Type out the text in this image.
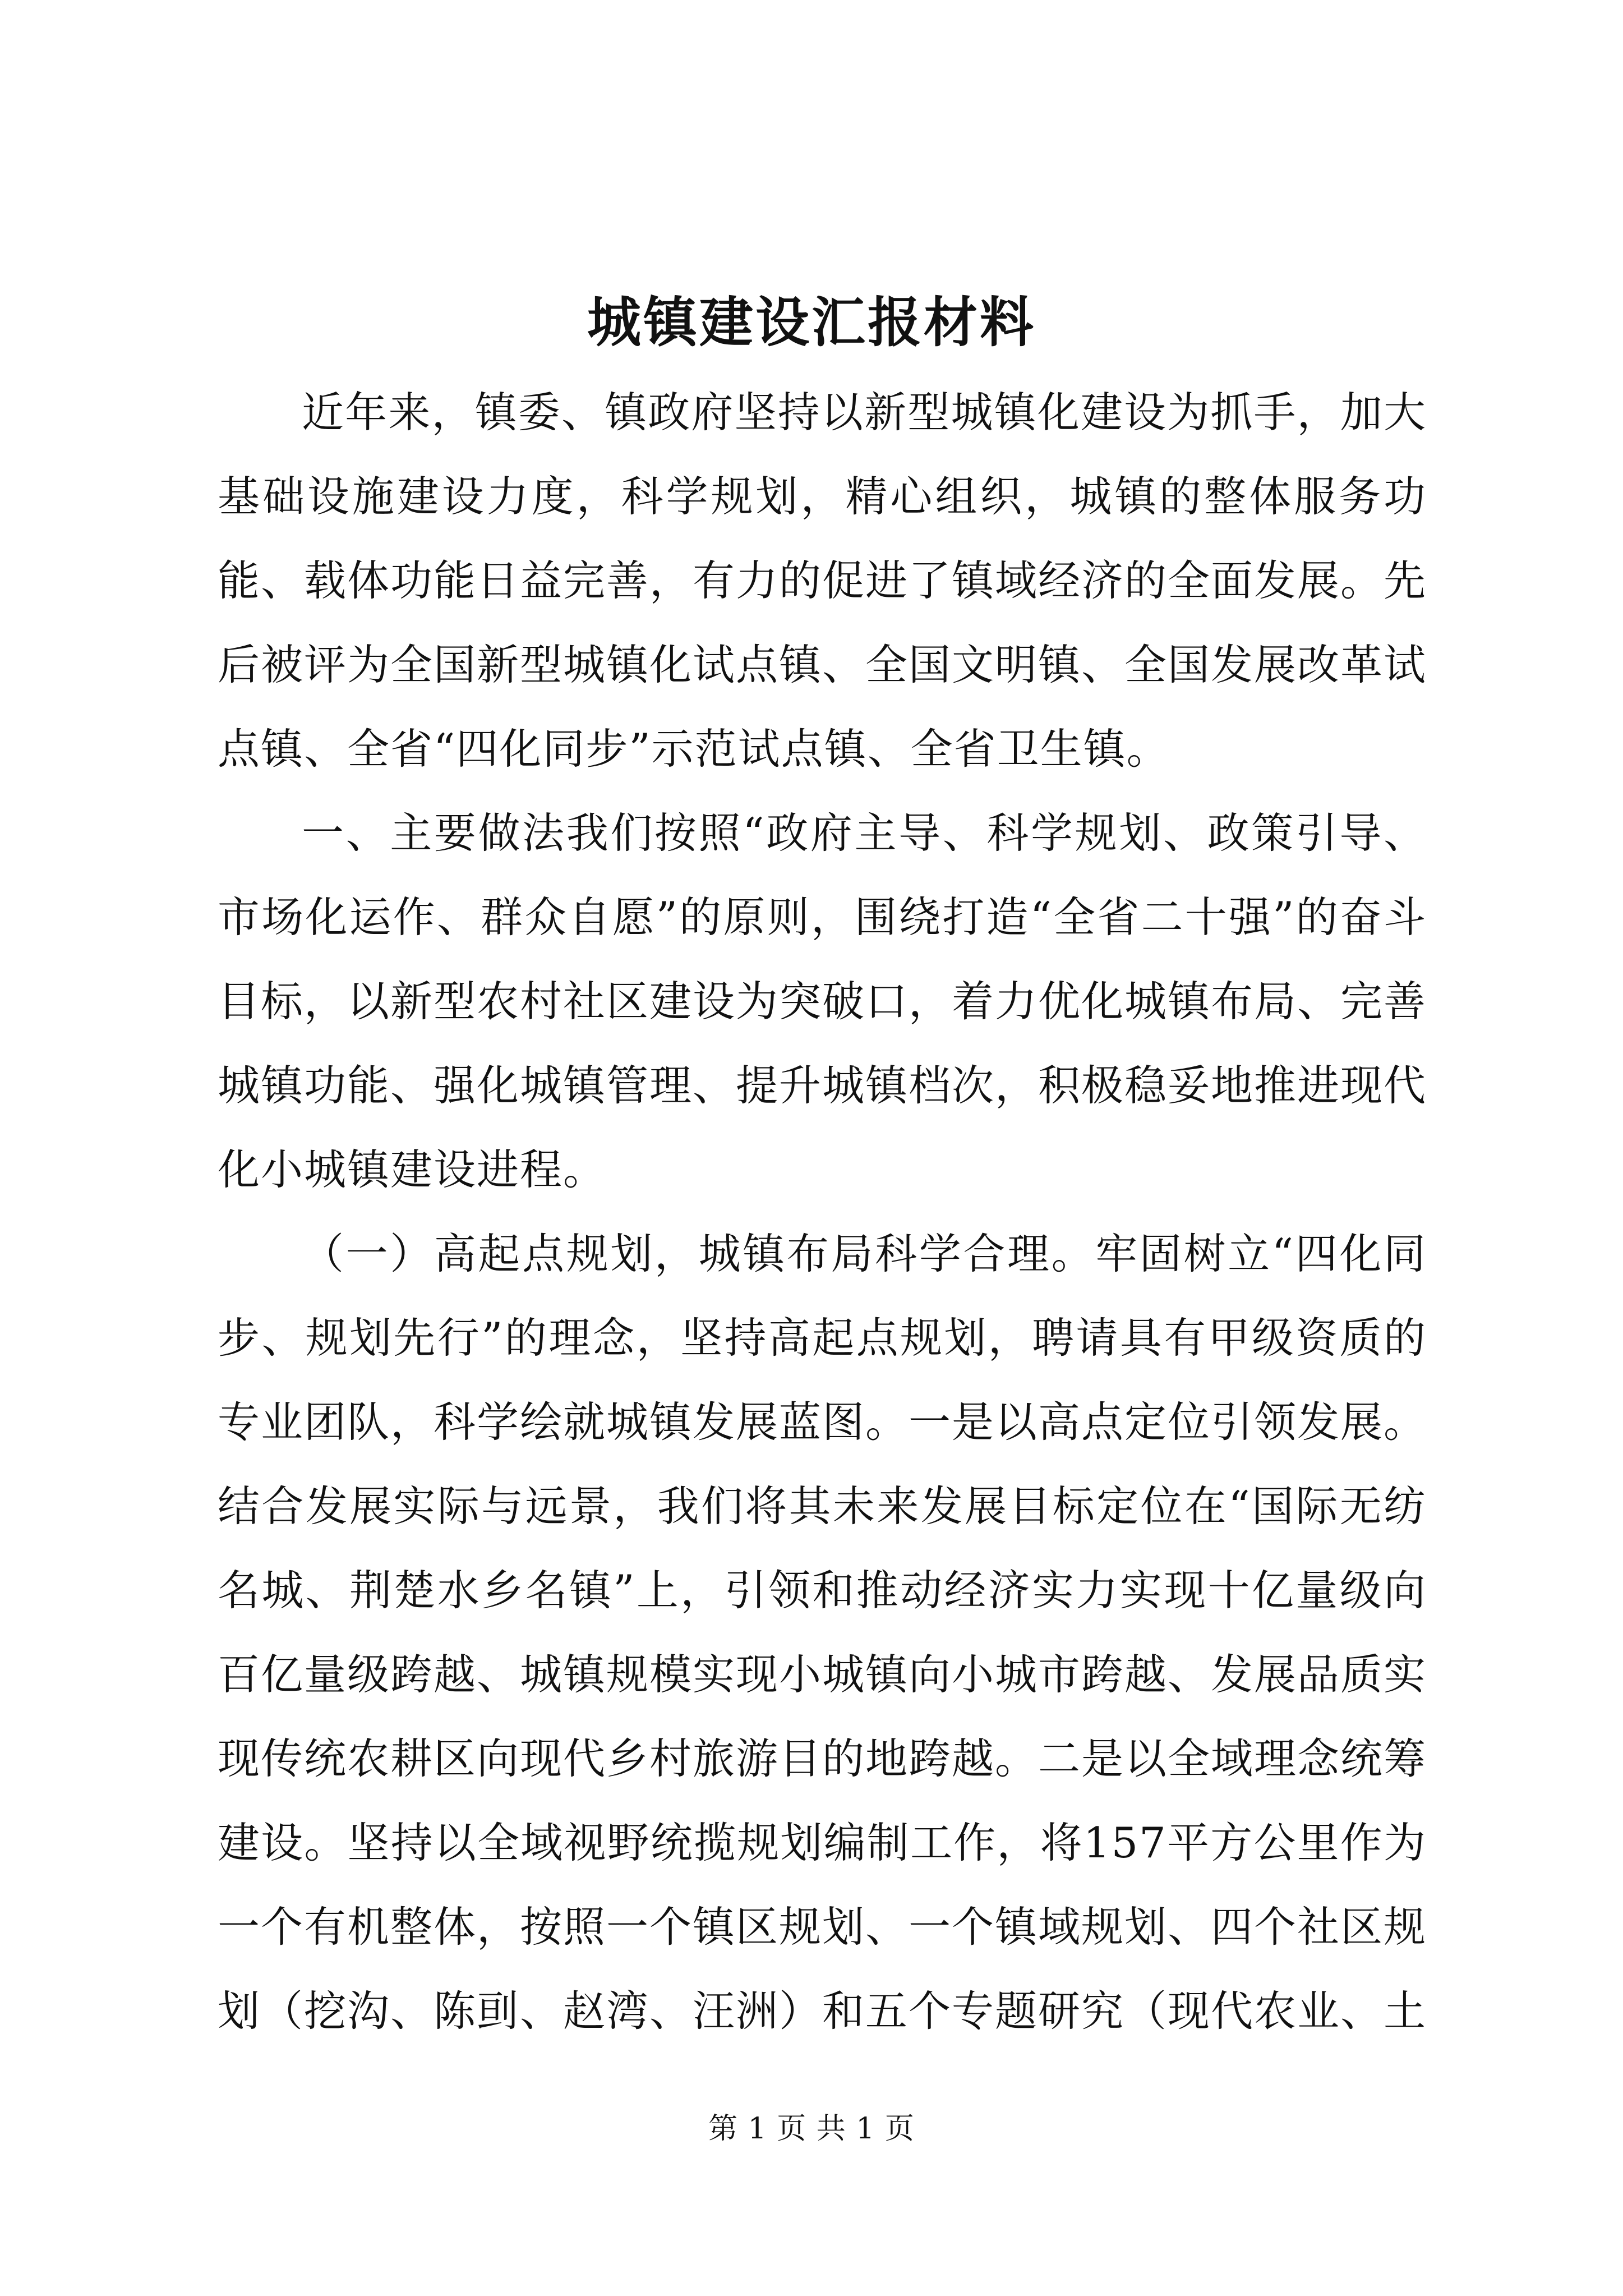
城镇建设汇报材料

近年来，镇委、镇政府坚持以新型城镇化建设为抓手，加大基础设施建设力度，科学规划，精心组织，城镇的整体服务功能、载体功能日益完善，有力的促进了镇域经济的全面发展。先后被评为全国新型城镇化试点镇、全国文明镇、全国发展改革试点镇、全省“四化同步”示范试点镇、全省卫生镇。

一、主要做法我们按照“政府主导、科学规划、政策引导、市场化运作、群众自愿”的原则，围绕打造“全省二十强”的奋斗目标，以新型农村社区建设为突破口，着力优化城镇布局、完善城镇功能、强化城镇管理、提升城镇档次，积极稳妥地推进现代化小城镇建设进程。

（一）高起点规划，城镇布局科学合理。牢固树立“四化同步、规划先行”的理念，坚持高起点规划，聘请具有甲级资质的专业团队，科学绘就城镇发展蓝图。一是以高点定位引领发展。结合发展实际与远景，我们将其未来发展目标定位在“国际无纺名城、荆楚水乡名镇”上，引领和推动经济实力实现十亿量级向百亿量级跨越、城镇规模实现小城镇向小城市跨越、发展品质实现传统农耕区向现代乡村旅游目的地跨越。二是以全域理念统筹建设。坚持以全域视野统揽规划编制工作，将157平方公里作为一个有机整体，按照一个镇区规划、一个镇域规划、四个社区规划（挖沟、陈刯、赵湾、汪洲）和五个专题研究（现代农业、土

第 1 页 共 1 页
